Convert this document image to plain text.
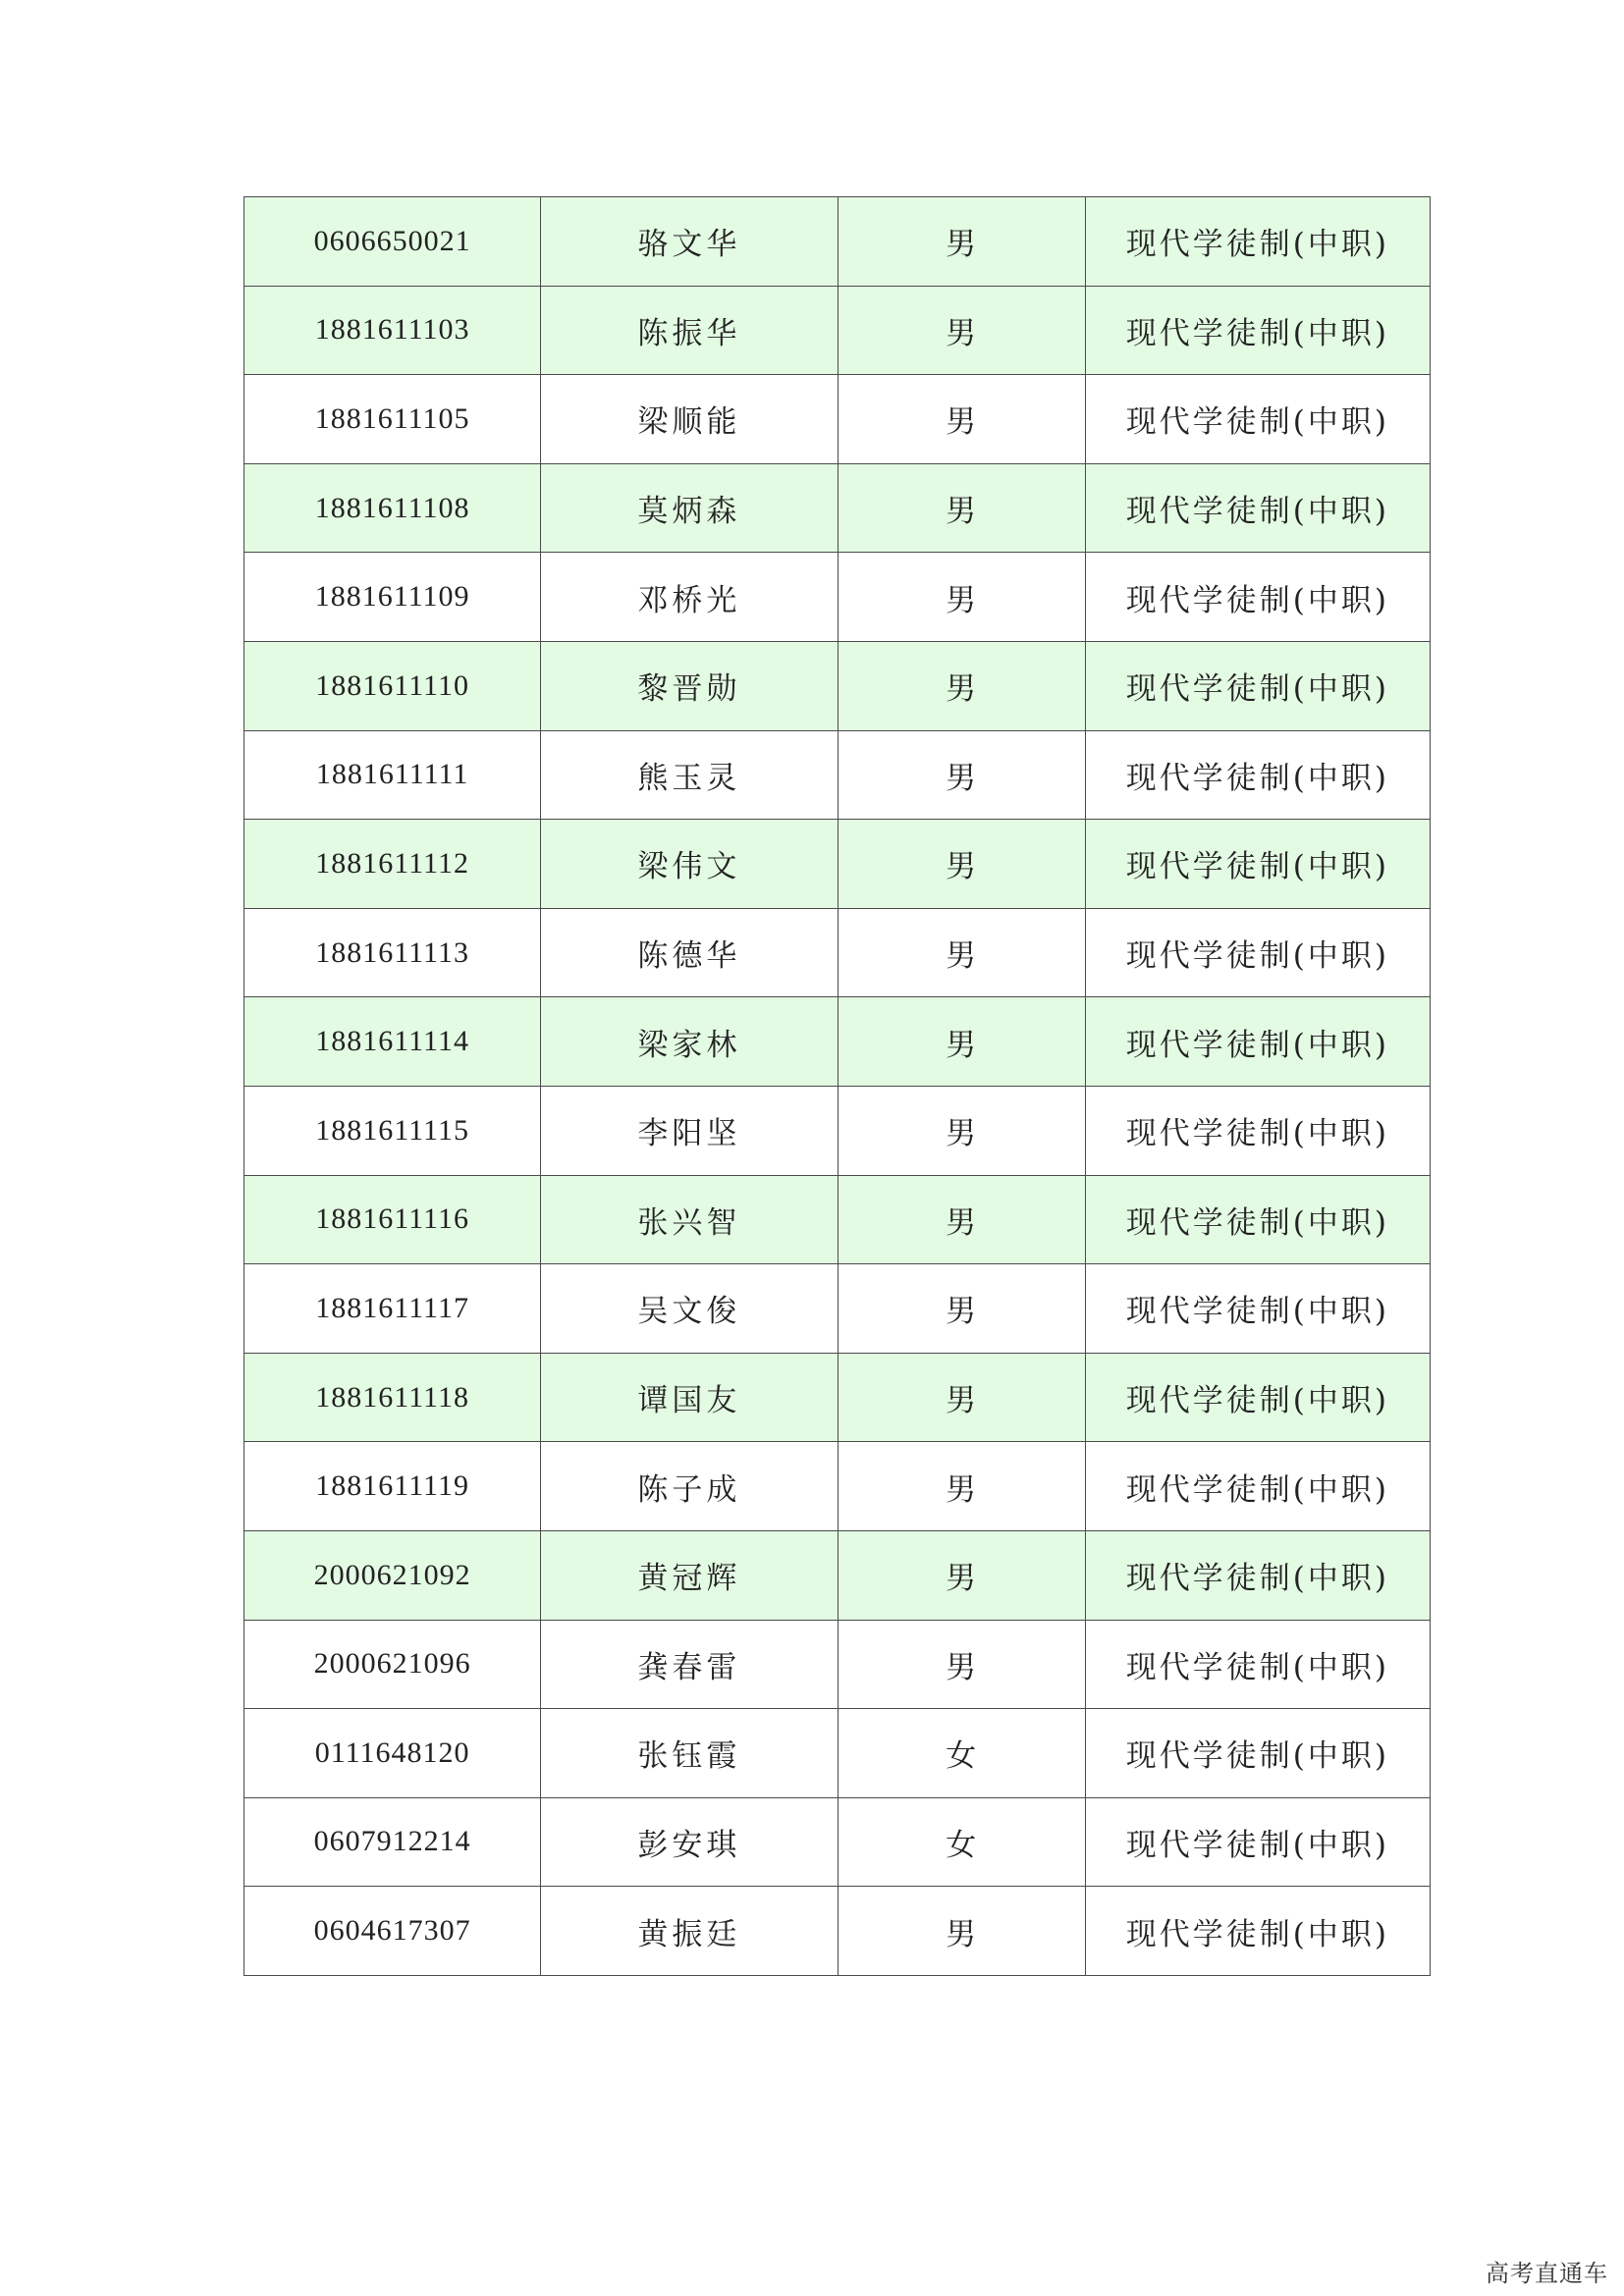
0606650021	骆文华	男	现代学徒制(中职)
1881611103	陈振华	男	现代学徒制(中职)
1881611105	梁顺能	男	现代学徒制(中职)
1881611108	莫炳森	男	现代学徒制(中职)
1881611109	邓桥光	男	现代学徒制(中职)
1881611110	黎晋勋	男	现代学徒制(中职)
1881611111	熊玉灵	男	现代学徒制(中职)
1881611112	梁伟文	男	现代学徒制(中职)
1881611113	陈德华	男	现代学徒制(中职)
1881611114	梁家林	男	现代学徒制(中职)
1881611115	李阳坚	男	现代学徒制(中职)
1881611116	张兴智	男	现代学徒制(中职)
1881611117	吴文俊	男	现代学徒制(中职)
1881611118	谭国友	男	现代学徒制(中职)
1881611119	陈子成	男	现代学徒制(中职)
2000621092	黄冠辉	男	现代学徒制(中职)
2000621096	龚春雷	男	现代学徒制(中职)
0111648120	张钰霞	女	现代学徒制(中职)
0607912214	彭安琪	女	现代学徒制(中职)
0604617307	黄振廷	男	现代学徒制(中职)
高考直通车
